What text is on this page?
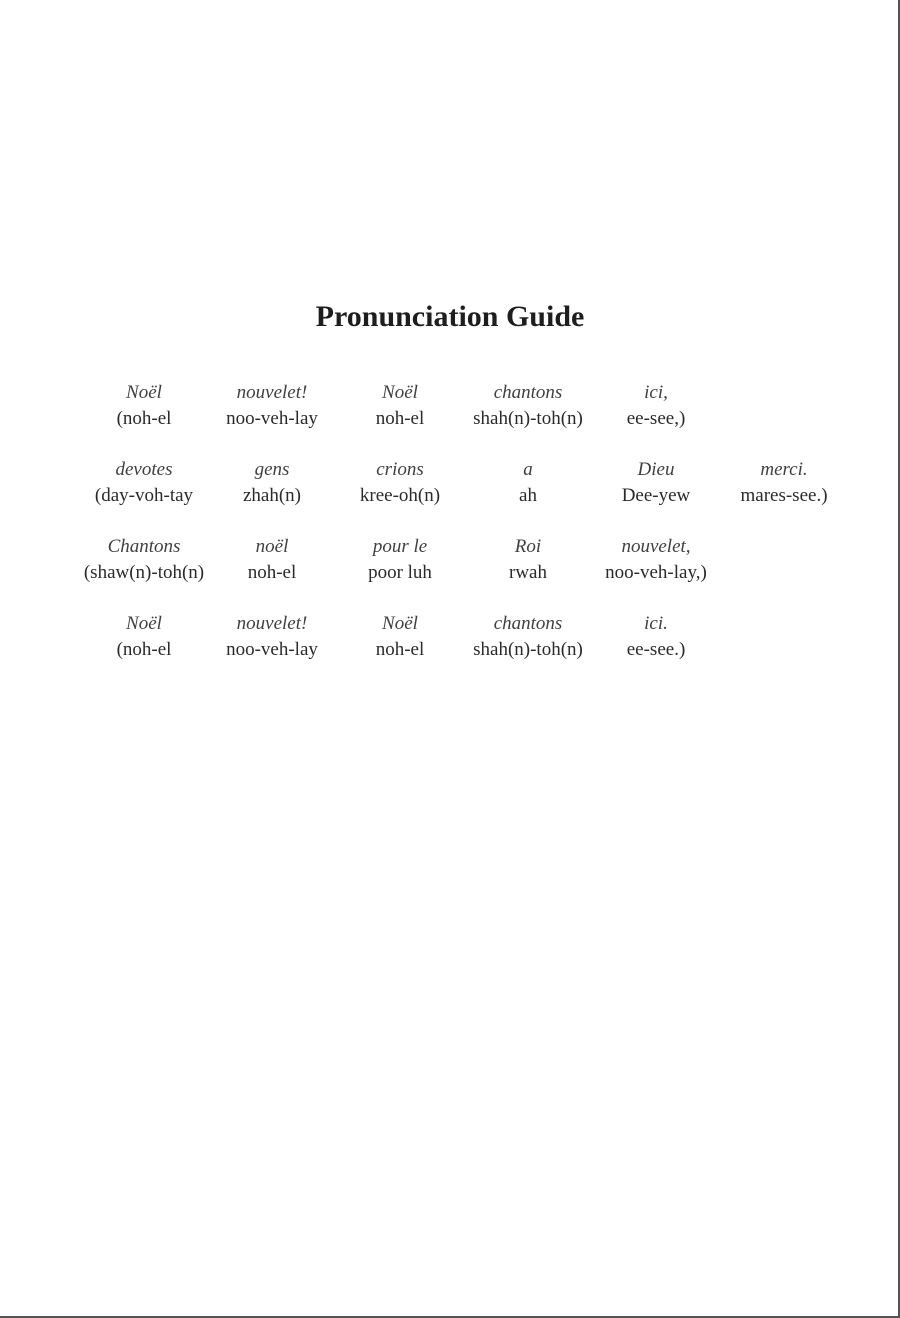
Pronunciation Guide
Noël
(noh-el
nouvelet!
noo-veh-lay
Noël
noh-el
chantons
shah(n)-toh(n)
ici,
ee-see,)
devotes
(day-voh-tay
gens
zhah(n)
crions
kree-oh(n)
a
ah
Dieu
Dee-yew
merci.
mares-see.)
Chantons
(shaw(n)-toh(n)
noël
noh-el
pour le
poor luh
Roi
rwah
nouvelet,
noo-veh-lay,)
Noël
(noh-el
nouvelet!
noo-veh-lay
Noël
noh-el
chantons
shah(n)-toh(n)
ici.
ee-see.)
